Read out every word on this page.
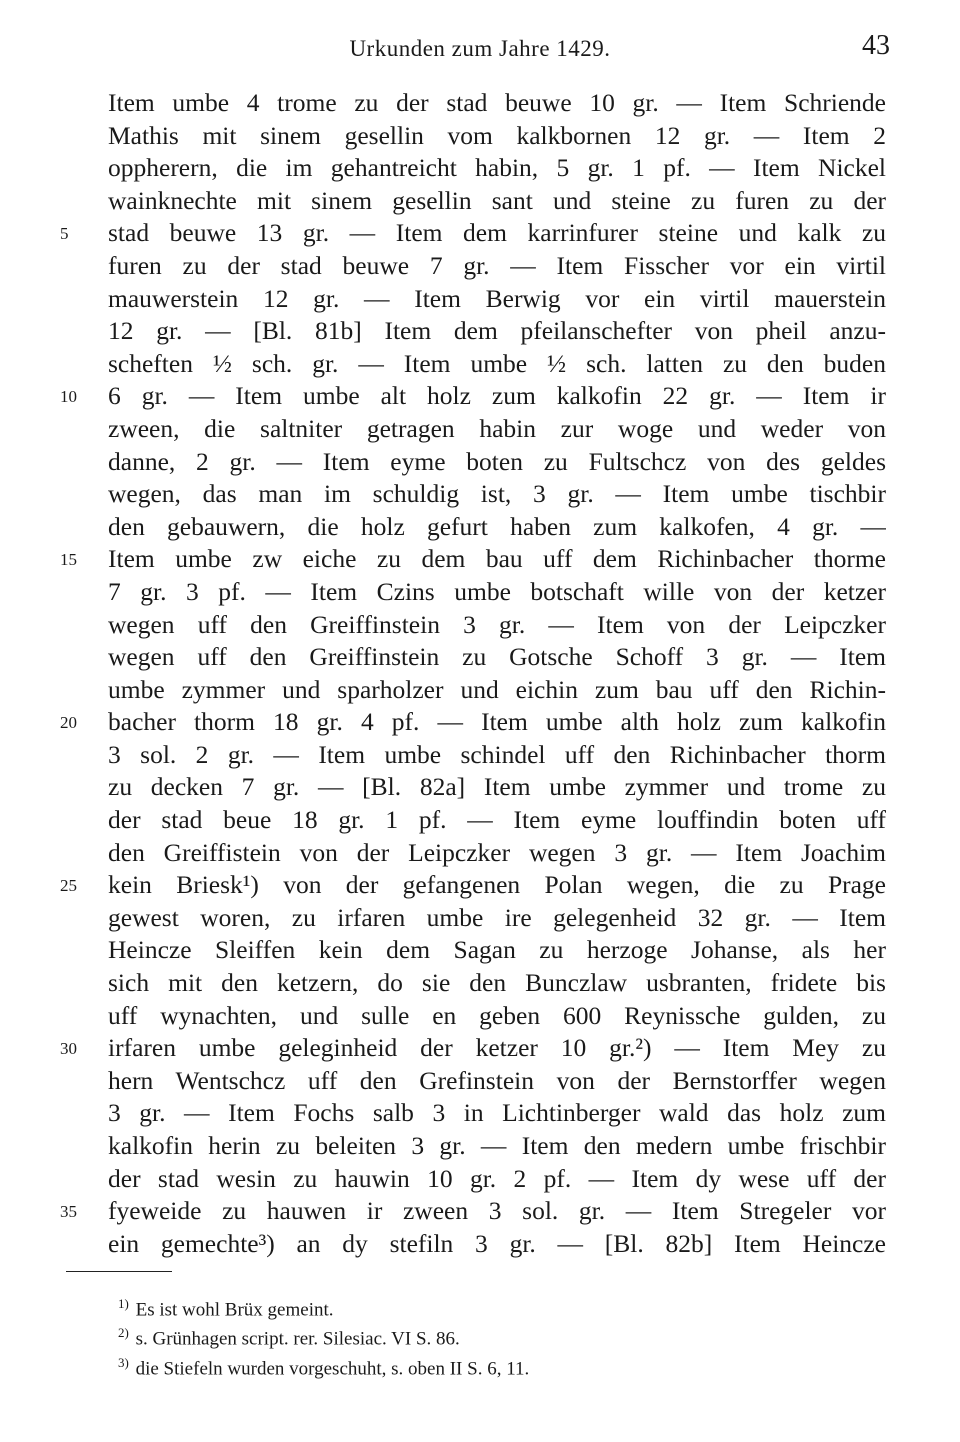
Urkunden zum Jahre 1429.	43
Item umbe 4 trome zu der stad beuwe 10 gr. — Item Schriende
Mathis mit sinem gesellin vom kalkbornen 12 gr. — Item 2
oppherern, die im gehantreicht habin, 5 gr. 1 pf. — Item Nickel
wainknechte mit sinem gesellin sant und steine zu furen zu der
5	stad beuwe 13 gr. — Item dem karrinfurer steine und kalk zu
furen zu der stad beuwe 7 gr. — Item Fisscher vor ein virtil
mauwerstein 12 gr. — Item Berwig vor ein virtil mauerstein
12 gr. — [Bl. 81b] Item dem pfeilanschefter von pheil anzu-
scheften ½ sch. gr. — Item umbe ½ sch. latten zu den buden
10	6 gr. — Item umbe alt holz zum kalkofin 22 gr. — Item ir
zween, die saltniter getragen habin zur woge und weder von
danne, 2 gr. — Item eyme boten zu Fultschcz von des geldes
wegen, das man im schuldig ist, 3 gr. — Item umbe tischbir
den gebauwern, die holz gefurt haben zum kalkofen, 4 gr. —
15	Item umbe zw eiche zu dem bau uff dem Richinbacher thorme
7 gr. 3 pf. — Item Czins umbe botschaft wille von der ketzer
wegen uff den Greiffinstein 3 gr. — Item von der Leipczker
wegen uff den Greiffinstein zu Gotsche Schoff 3 gr. — Item
umbe zymmer und sparholzer und eichin zum bau uff den Richin-
20	bacher thorm 18 gr. 4 pf. — Item umbe alth holz zum kalkofin
3 sol. 2 gr. — Item umbe schindel uff den Richinbacher thorm
zu decken 7 gr. — [Bl. 82a] Item umbe zymmer und trome zu
der stad beue 18 gr. 1 pf. — Item eyme louffindin boten uff
den Greiffistein von der Leipczker wegen 3 gr. — Item Joachim
25	kein Briesk¹) von der gefangenen Polan wegen, die zu Prage
gewest woren, zu irfaren umbe ire gelegenheid 32 gr. — Item
Heincze Sleiffen kein dem Sagan zu herzoge Johanse, als her
sich mit den ketzern, do sie den Bunczlaw usbranten, fridete bis
uff wynachten, und sulle en geben 600 Reynissche gulden, zu
30	irfaren umbe geleginheid der ketzer 10 gr.²) — Item Mey zu
hern Wentschcz uff den Grefinstein von der Bernstorffer wegen
3 gr. — Item Fochs salb 3 in Lichtinberger wald das holz zum
kalkofin herin zu beleiten 3 gr. — Item den medern umbe frischbir
der stad wesin zu hauwin 10 gr. 2 pf. — Item dy wese uff der
35	fyeweide zu hauwen ir zween 3 sol. gr. — Item Stregeler vor
ein gemechte³) an dy stefiln 3 gr. — [Bl. 82b] Item Heincze
$^{1)}$ Es ist wohl Brüx gemeint.
$^{2)}$ s. Grünhagen script. rer. Silesiac. VI S. 86.
$^{3)}$ die Stiefeln wurden vorgeschuht, s. oben II S. 6, 11.
